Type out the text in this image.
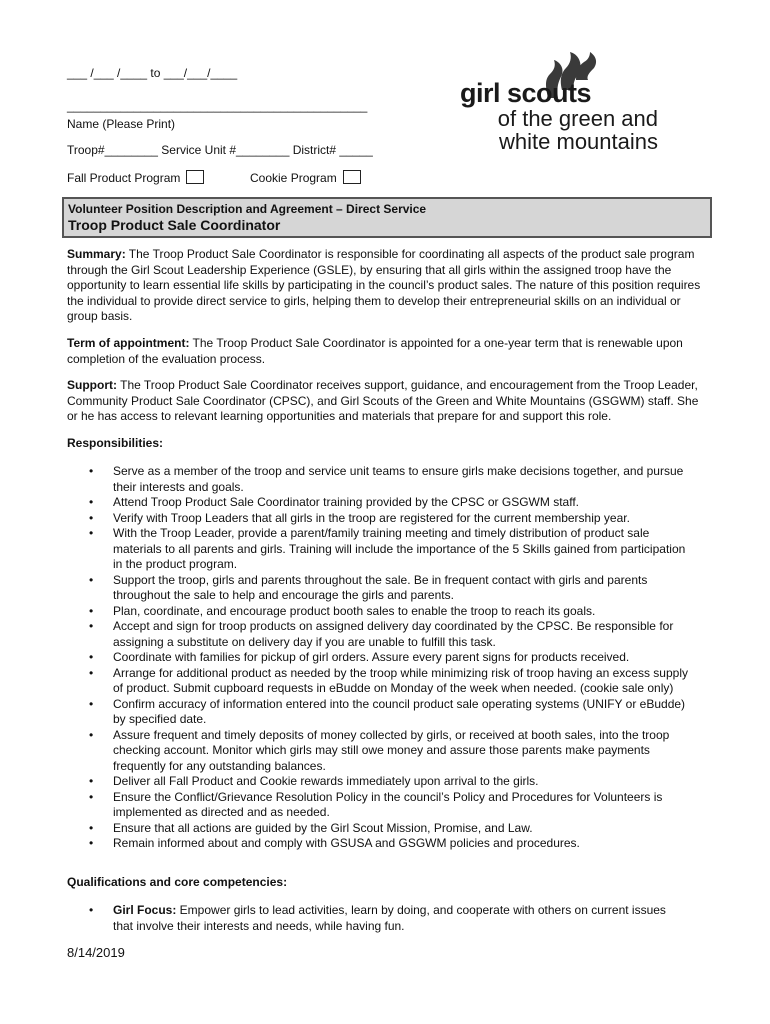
___ /___ /____ to ___/___/____
_____________________________________________
Name (Please Print)
Troop#________ Service Unit #________ District# _____
Fall Product Program	Cookie Program
girl scouts
of the green and
white mountains
Volunteer Position Description and Agreement – Direct Service
Troop Product Sale Coordinator
Summary: The Troop Product Sale Coordinator is responsible for coordinating all aspects of the product sale program through the Girl Scout Leadership Experience (GSLE), by ensuring that all girls within the assigned troop have the opportunity to learn essential life skills by participating in the council’s product sales. The nature of this position requires the individual to provide direct service to girls, helping them to develop their entrepreneurial skills on an individual or group basis.
Term of appointment: The Troop Product Sale Coordinator is appointed for a one-year term that is renewable upon completion of the evaluation process.
Support: The Troop Product Sale Coordinator receives support, guidance, and encouragement from the Troop Leader, Community Product Sale Coordinator (CPSC), and Girl Scouts of the Green and White Mountains (GSGWM) staff. She or he has access to relevant learning opportunities and materials that prepare for and support this role.
Responsibilities:
• Serve as a member of the troop and service unit teams to ensure girls make decisions together, and pursue their interests and goals.
• Attend Troop Product Sale Coordinator training provided by the CPSC or GSGWM staff.
• Verify with Troop Leaders that all girls in the troop are registered for the current membership year.
• With the Troop Leader, provide a parent/family training meeting and timely distribution of product sale materials to all parents and girls. Training will include the importance of the 5 Skills gained from participation in the product program.
• Support the troop, girls and parents throughout the sale. Be in frequent contact with girls and parents throughout the sale to help and encourage the girls and parents.
• Plan, coordinate, and encourage product booth sales to enable the troop to reach its goals.
• Accept and sign for troop products on assigned delivery day coordinated by the CPSC. Be responsible for assigning a substitute on delivery day if you are unable to fulfill this task.
• Coordinate with families for pickup of girl orders. Assure every parent signs for products received.
• Arrange for additional product as needed by the troop while minimizing risk of troop having an excess supply of product. Submit cupboard requests in eBudde on Monday of the week when needed. (cookie sale only)
• Confirm accuracy of information entered into the council product sale operating systems (UNIFY or eBudde) by specified date.
• Assure frequent and timely deposits of money collected by girls, or received at booth sales, into the troop checking account. Monitor which girls may still owe money and assure those parents make payments frequently for any outstanding balances.
• Deliver all Fall Product and Cookie rewards immediately upon arrival to the girls.
• Ensure the Conflict/Grievance Resolution Policy in the council’s Policy and Procedures for Volunteers is implemented as directed and as needed.
• Ensure that all actions are guided by the Girl Scout Mission, Promise, and Law.
• Remain informed about and comply with GSUSA and GSGWM policies and procedures.
Qualifications and core competencies:
• Girl Focus: Empower girls to lead activities, learn by doing, and cooperate with others on current issues that involve their interests and needs, while having fun.
8/14/2019
